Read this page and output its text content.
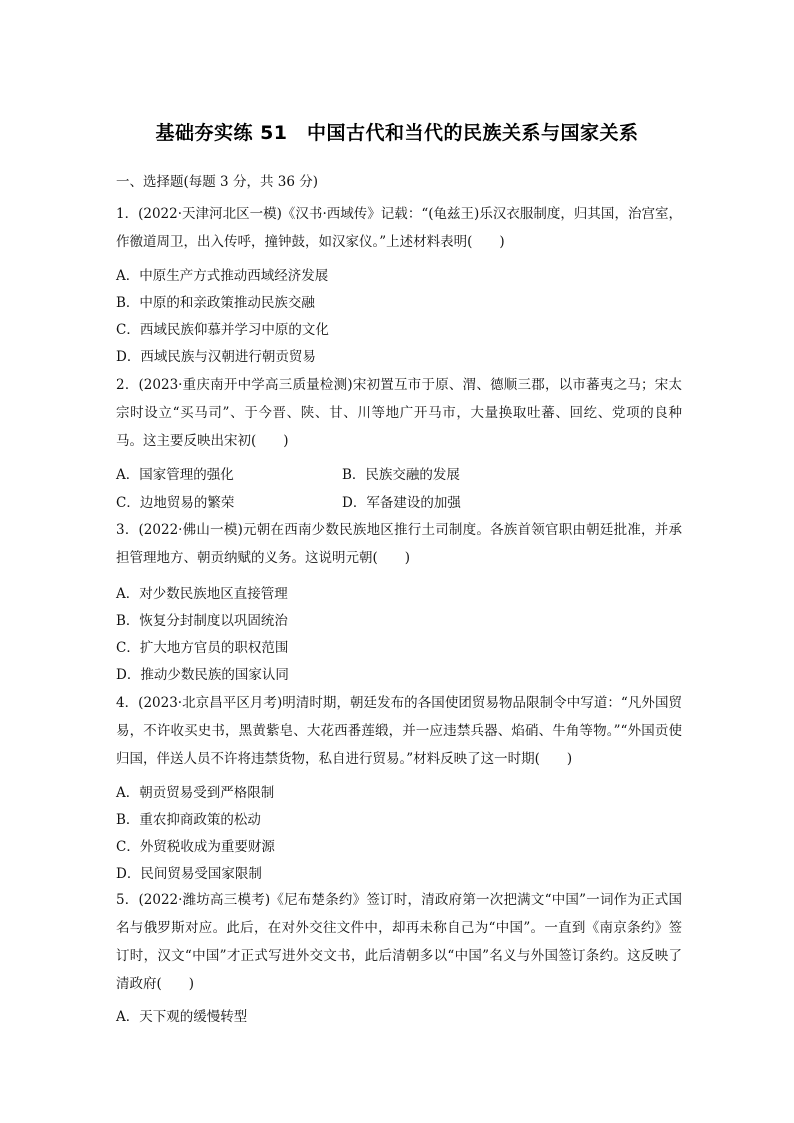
基础夯实练 51　中国古代和当代的民族关系与国家关系
一、选择题(每题 3 分，共 36 分)

1．(2022·天津河北区一模)《汉书·西域传》记载：“(龟兹王)乐汉衣服制度，归其国，治宫室，作徼道周卫，出入传呼，撞钟鼓，如汉家仪。”上述材料表明(　　)

A．中原生产方式推动西域经济发展
B．中原的和亲政策推动民族交融
C．西域民族仰慕并学习中原的文化
D．西域民族与汉朝进行朝贡贸易

2．(2023·重庆南开中学高三质量检测)宋初置互市于原、渭、德顺三郡，以市蕃夷之马；宋太宗时设立“买马司”、于今晋、陕、甘、川等地广开马市，大量换取吐蕃、回纥、党项的良种马。这主要反映出宋初(　　)

A．国家管理的强化	B．民族交融的发展
C．边地贸易的繁荣	D．军备建设的加强

3．(2022·佛山一模)元朝在西南少数民族地区推行土司制度。各族首领官职由朝廷批准，并承担管理地方、朝贡纳赋的义务。这说明元朝(　　)

A．对少数民族地区直接管理
B．恢复分封制度以巩固统治
C．扩大地方官员的职权范围
D．推动少数民族的国家认同

4．(2023·北京昌平区月考)明清时期，朝廷发布的各国使团贸易物品限制令中写道：“凡外国贸易，不许收买史书，黑黄紫皂、大花西番莲缎，并一应违禁兵器、焰硝、牛角等物。”“外国贡使归国，伴送人员不许将违禁货物，私自进行贸易。”材料反映了这一时期(　　)

A．朝贡贸易受到严格限制
B．重农抑商政策的松动
C．外贸税收成为重要财源
D．民间贸易受国家限制

5．(2022·潍坊高三模考)《尼布楚条约》签订时，清政府第一次把满文“中国”一词作为正式国名与俄罗斯对应。此后，在对外交往文件中，却再未称自己为“中国”。一直到《南京条约》签订时，汉文“中国”才正式写进外交文书，此后清朝多以“中国”名义与外国签订条约。这反映了清政府(　　)

A．天下观的缓慢转型
